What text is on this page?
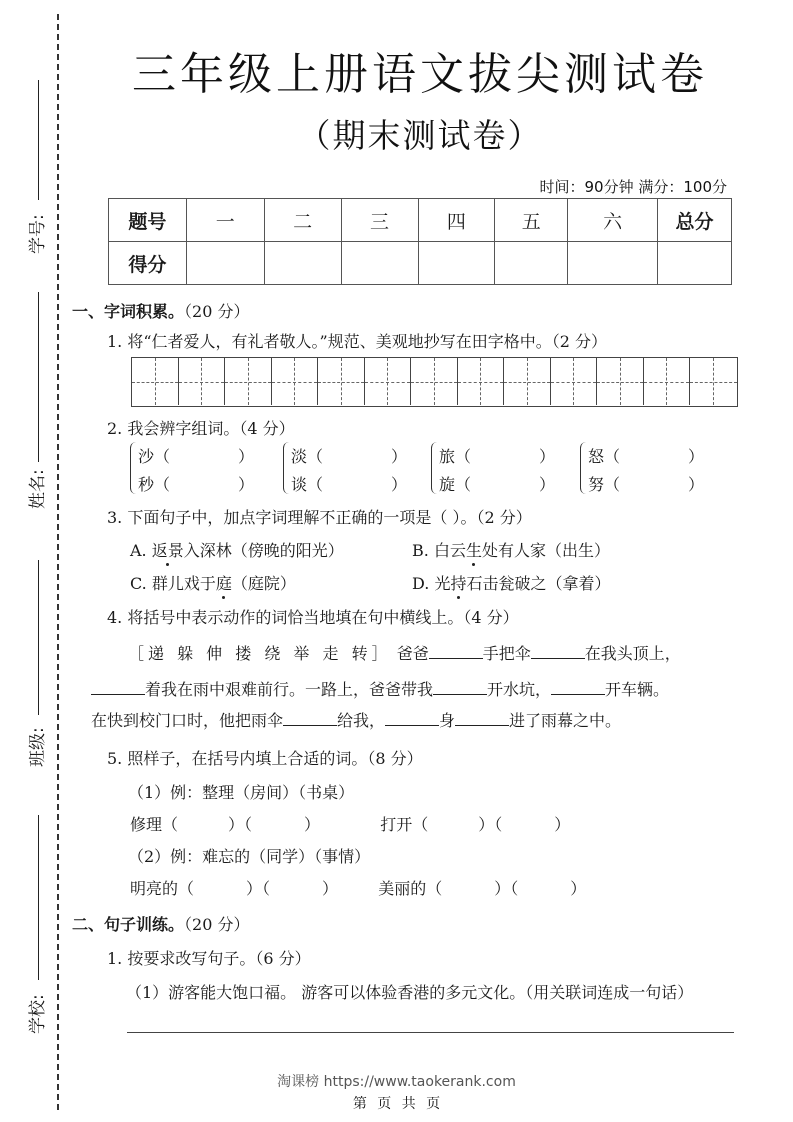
学号:
姓名:
班级:
学校:
三年级上册语文拔尖测试卷
（期末测试卷）
时间：90分钟 满分：100分
题号	一	二	三	四	五	六	总分
得分							
一、字词积累。（20 分）
1. 将“仁者爱人，有礼者敬人。”规范、美观地抄写在田字格中。（2 分）
2. 我会辨字组词。（4 分）
沙（	）
秒（	）
淡（	）
谈（	）
旅（	）
旋（	）
怒（	）
努（	）
3. 下面句子中，加点字词理解不正确的一项是（ ）。（2 分）
A. 返景入深林（傍晚的阳光）	B. 白云生处有人家（出生）
C. 群儿戏于庭（庭院）	D. 光持石击瓮破之（拿着）
4. 将括号中表示动作的词恰当地填在句中横线上。（4 分）
［递 躲 伸 搂 绕 举 走 转］ 爸爸	手把伞	在我头顶上，
着我在雨中艰难前行。一路上，爸爸带我	开水坑，	开车辆。
在快到校门口时，他把雨伞	给我，	身	进了雨幕之中。
5. 照样子，在括号内填上合适的词。（8 分）
（1）例：整理（房间）（书桌）
修理（	）（	）	打开（	）（	）
（2）例：难忘的（同学）（事情）
明亮的（	）（	）	美丽的（	）（	）
二、句子训练。（20 分）
1. 按要求改写句子。（6 分）
（1）游客能大饱口福。 游客可以体验香港的多元文化。（用关联词连成一句话）
淘课榜 https://www.taokerank.com
第 页 共 页
